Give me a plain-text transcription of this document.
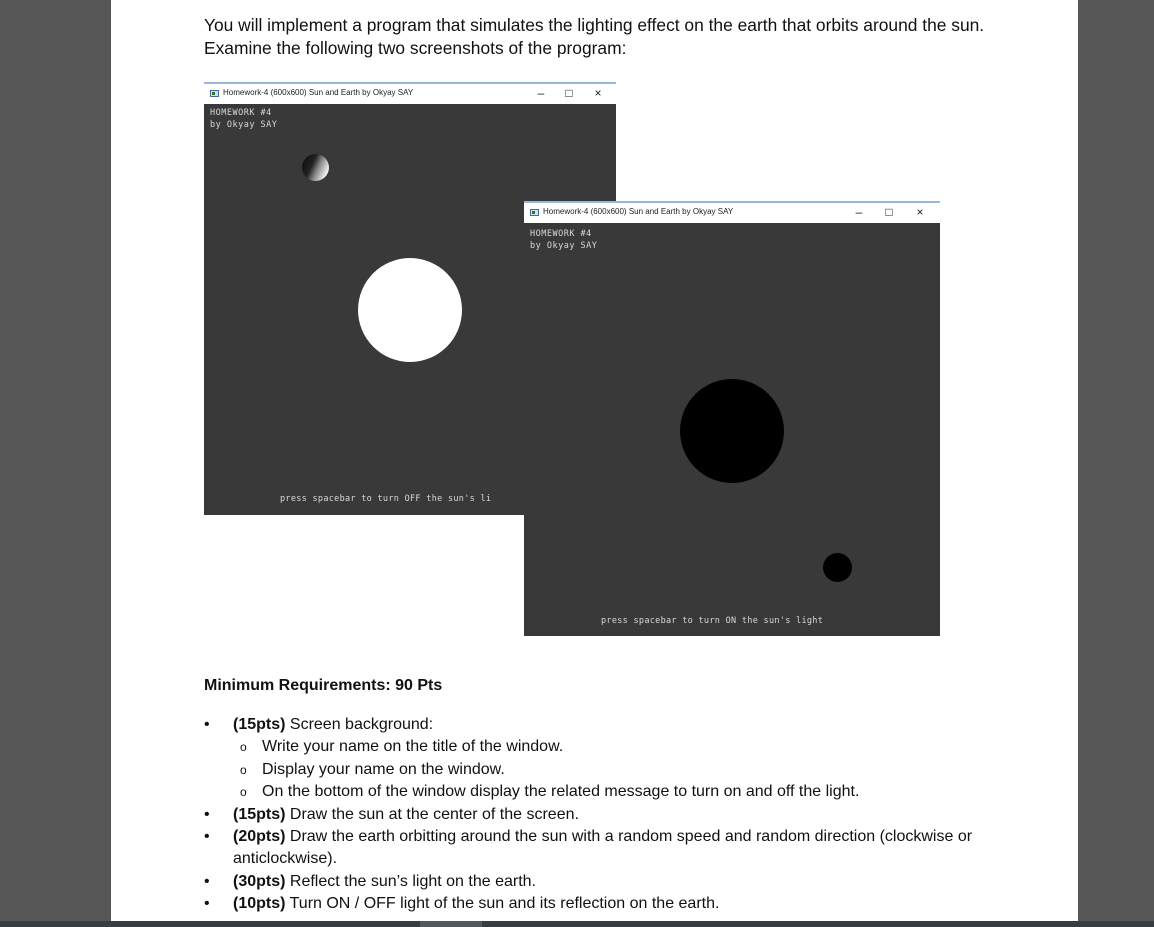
You will implement a program that simulates the lighting effect on the earth that orbits around the sun.

Examine the following two screenshots of the program:

Homework-4 (600x600) Sun and Earth by Okyay SAY	–	□	×
HOMEWORK #4
by Okyay SAY
press spacebar to turn OFF the sun's li
Homework-4 (600x600) Sun and Earth by Okyay SAY	–	□	×
HOMEWORK #4
by Okyay SAY
press spacebar to turn ON the sun's light
Minimum Requirements: 90 Pts
• (15pts) Screen background:
o Write your name on the title of the window.
o Display your name on the window.
o On the bottom of the window display the related message to turn on and off the light.
• (15pts) Draw the sun at the center of the screen.
• (20pts) Draw the earth orbitting around the sun with a random speed and random direction (clockwise or anticlockwise).
• (30pts) Reflect the sun’s light on the earth.
• (10pts) Turn ON / OFF light of the sun and its reflection on the earth.
